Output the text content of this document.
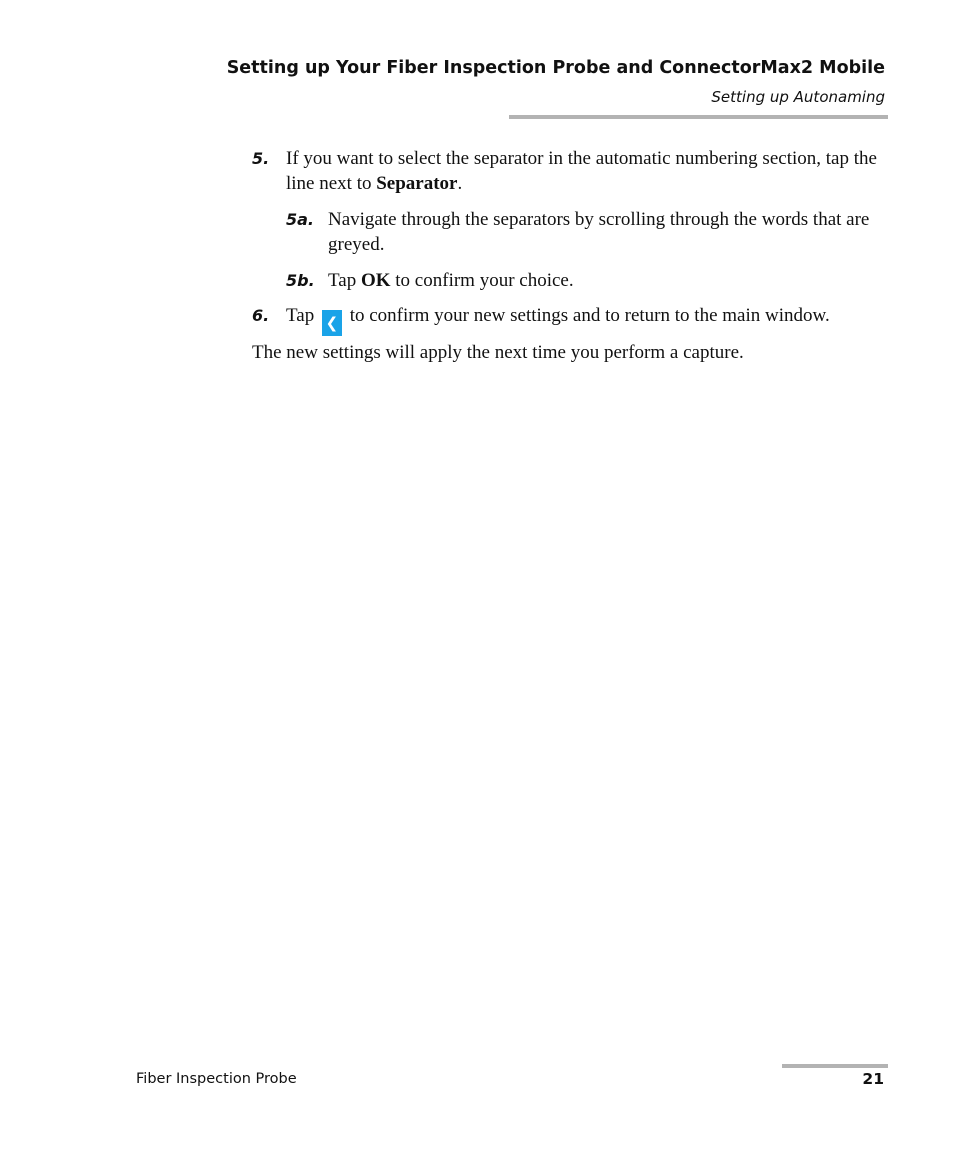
Setting up Your Fiber Inspection Probe and ConnectorMax2 Mobile
Setting up Autonaming
5. If you want to select the separator in the automatic numbering section, tap the line next to Separator.
5a. Navigate through the separators by scrolling through the words that are greyed.
5b. Tap OK to confirm your choice.
6. Tap ❮ to confirm your new settings and to return to the main window.
The new settings will apply the next time you perform a capture.
Fiber Inspection Probe	21
